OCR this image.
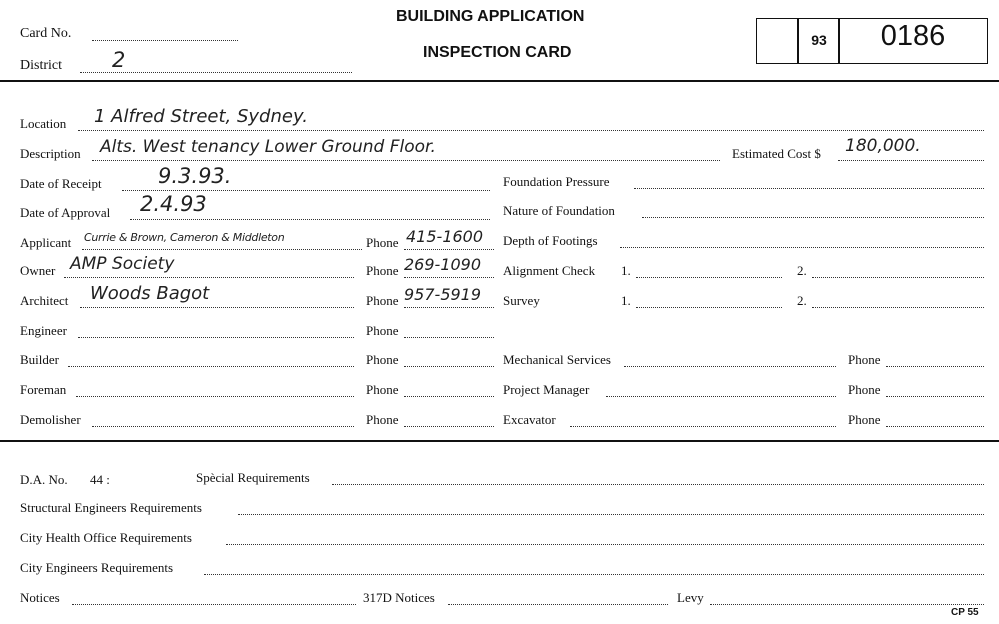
Card No.
District 2
BUILDING APPLICATION
INSPECTION CARD
93	0186
Location 1 Alfred Street, Sydney.
Description Alts. West tenancy Lower Ground Floor.	Estimated Cost $ 180,000.
Date of Receipt	9.3.93.	Foundation Pressure
Date of Approval 2.4.93	Nature of Foundation
Applicant Currie & Brown, Cameron & Middleton	Phone 415-1600 Depth of Footings
Owner AMP Society	Phone 269-1090 Alignment Check 1.	2.
Architect Woods Bagot	Phone 957-5919 Survey	1.	2.
Engineer	Phone
Builder	Phone	Mechanical Services	Phone
Foreman	Phone	Project Manager	Phone
Demolisher	Phone	Excavator	Phone
D.A. No. 44 :	Spècial Requirements
Structural Engineers Requirements
City Health Office Requirements
City Engineers Requirements
Notices	317D Notices	Levy
CP 55
